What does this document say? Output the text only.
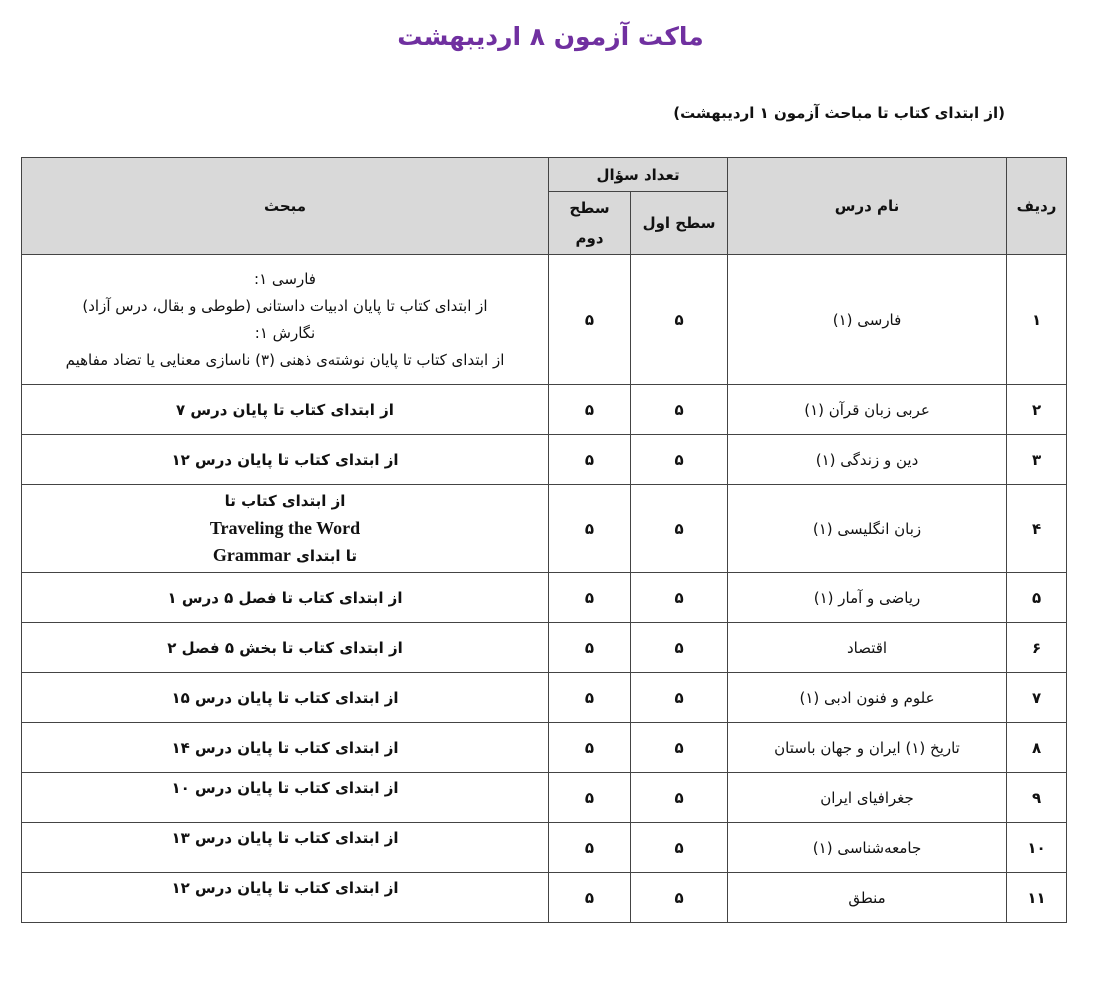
ماکت آزمون ۸ اردیبهشت
(از ابتدای کتاب تا مباحث آزمون ۱ اردیبهشت)
ردیف	نام درس	تعداد سؤال		مبحث
		سطح اول	سطح دوم	
۱	فارسی (۱)	۵	۵	فارسی ۱:
از ابتدای کتاب تا پایان ادبیات داستانی (طوطی و بقال، درس آزاد)
نگارش ۱:
از ابتدای کتاب تا پایان نوشته‌ی ذهنی (۳) ناسازی معنایی یا تضاد مفاهیم

۲	عربی زبان قرآن (۱)	۵	۵	از ابتدای کتاب تا پایان درس ۷
۳	دین و زندگی (۱)	۵	۵	از ابتدای کتاب تا پایان درس ۱۲
۴	زبان انگلیسی (۱)	۵	۵	از ابتدای کتاب تا
Traveling the Word
تا ابتدای Grammar

۵	ریاضی و آمار (۱)	۵	۵	از ابتدای کتاب تا فصل ۵ درس ۱
۶	اقتصاد	۵	۵	از ابتدای کتاب تا بخش ۵ فصل ۲
۷	علوم و فنون ادبی (۱)	۵	۵	از ابتدای کتاب تا پایان درس ۱۵
۸	تاریخ (۱) ایران و جهان باستان	۵	۵	از ابتدای کتاب تا پایان درس ۱۴
۹	جغرافیای ایران	۵	۵	از ابتدای کتاب تا پایان درس ۱۰
۱۰	جامعه‌شناسی (۱)	۵	۵	از ابتدای کتاب تا پایان درس ۱۳
۱۱	منطق	۵	۵	از ابتدای کتاب تا پایان درس ۱۲
